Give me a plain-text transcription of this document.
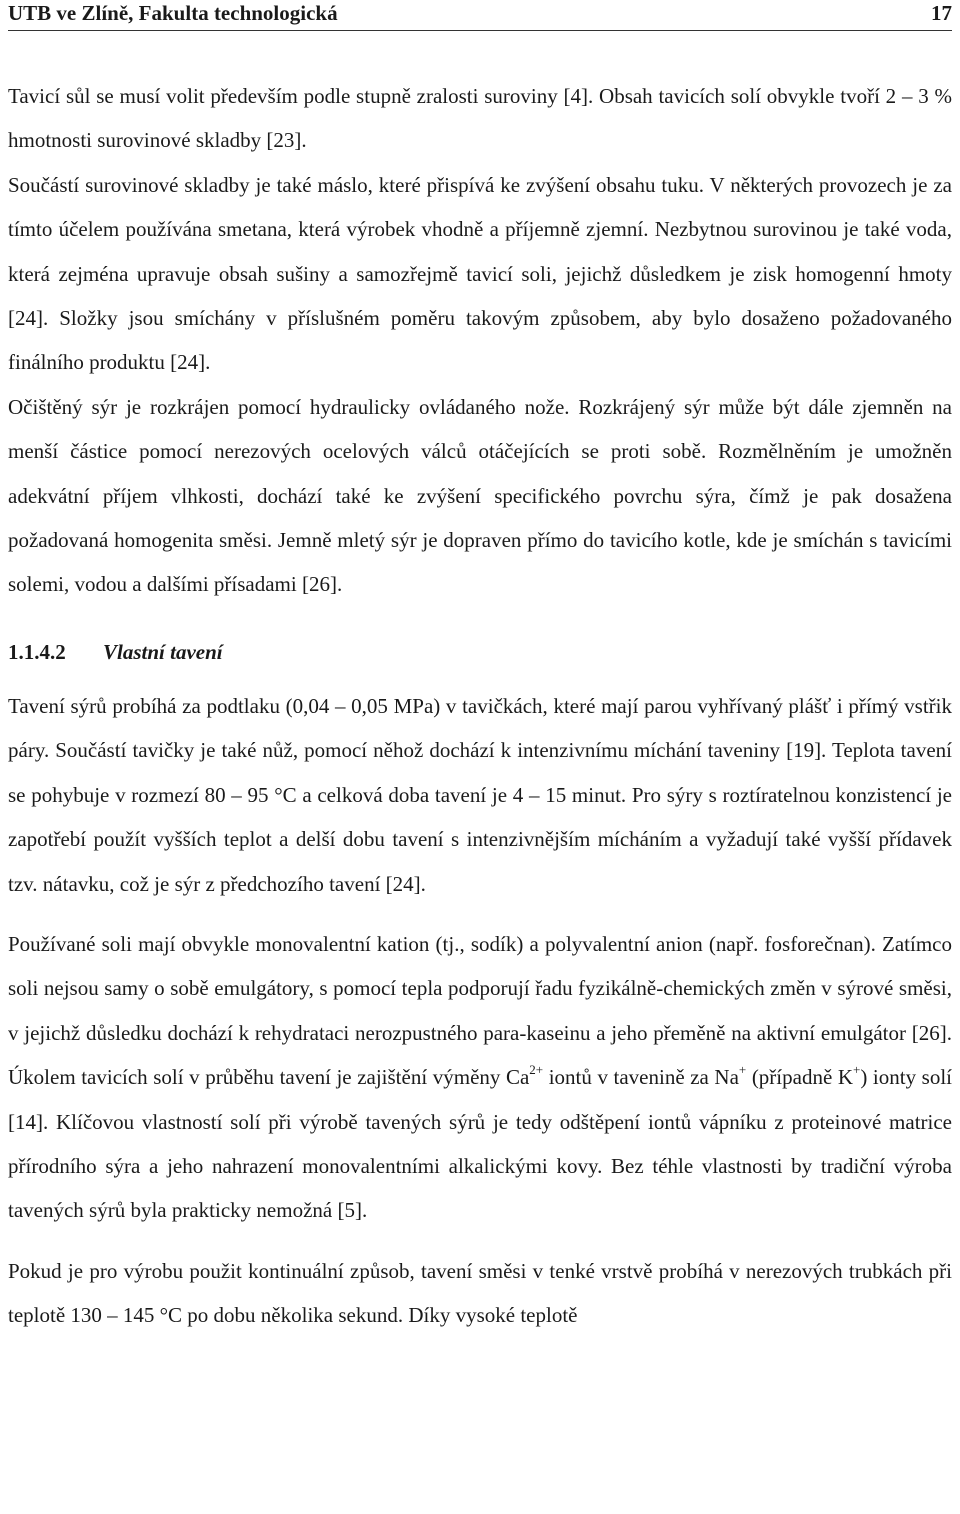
UTB ve Zlíně, Fakulta technologická	17

Tavicí sůl se musí volit především podle stupně zralosti suroviny [4]. Obsah tavicích solí obvykle tvoří 2 – 3 % hmotnosti surovinové skladby [23].

Součástí surovinové skladby je také máslo, které přispívá ke zvýšení obsahu tuku. V některých provozech je za tímto účelem používána smetana, která výrobek vhodně a příjemně zjemní. Nezbytnou surovinou je také voda, která zejména upravuje obsah sušiny a samozřejmě tavicí soli, jejichž důsledkem je zisk homogenní hmoty [24]. Složky jsou smíchány v příslušném poměru takovým způsobem, aby bylo dosaženo požadovaného finálního produktu [24].

Očištěný sýr je rozkrájen pomocí hydraulicky ovládaného nože. Rozkrájený sýr může být dále zjemněn na menší částice pomocí nerezových ocelových válců otáčejících se proti sobě. Rozmělněním je umožněn adekvátní příjem vlhkosti, dochází také ke zvýšení specifického povrchu sýra, čímž je pak dosažena požadovaná homogenita směsi. Jemně mletý sýr je dopraven přímo do tavicího kotle, kde je smíchán s tavicími solemi, vodou a dalšími přísadami [26].

1.1.4.2 Vlastní tavení

Tavení sýrů probíhá za podtlaku (0,04 – 0,05 MPa) v tavičkách, které mají parou vyhřívaný plášť i přímý vstřik páry. Součástí tavičky je také nůž, pomocí něhož dochází k intenzivnímu míchání taveniny [19]. Teplota tavení se pohybuje v rozmezí 80 – 95 °C a celková doba tavení je 4 – 15 minut. Pro sýry s roztíratelnou konzistencí je zapotřebí použít vyšších teplot a delší dobu tavení s intenzivnějším mícháním a vyžadují také vyšší přídavek tzv. nátavku, což je sýr z předchozího tavení [24].

Používané soli mají obvykle monovalentní kation (tj., sodík) a polyvalentní anion (např. fosforečnan). Zatímco soli nejsou samy o sobě emulgátory, s pomocí tepla podporují řadu fyzikálně-chemických změn v sýrové směsi, v jejichž důsledku dochází k rehydrataci nerozpustného para-kaseinu a jeho přeměně na aktivní emulgátor [26]. Úkolem tavicích solí v průběhu tavení je zajištění výměny $Ca^{2+}$ iontů v tavenině za Na+ (případně K+) ionty solí [14]. Klíčovou vlastností solí při výrobě tavených sýrů je tedy odštěpení iontů vápníku z proteinové matrice přírodního sýra a jeho nahrazení monovalentními alkalickými kovy. Bez téhle vlastnosti by tradiční výroba tavených sýrů byla prakticky nemožná [5].

Pokud je pro výrobu použit kontinuální způsob, tavení směsi v tenké vrstvě probíhá v nerezových trubkách při teplotě 130 – 145 °C po dobu několika sekund. Díky vysoké teplotě
